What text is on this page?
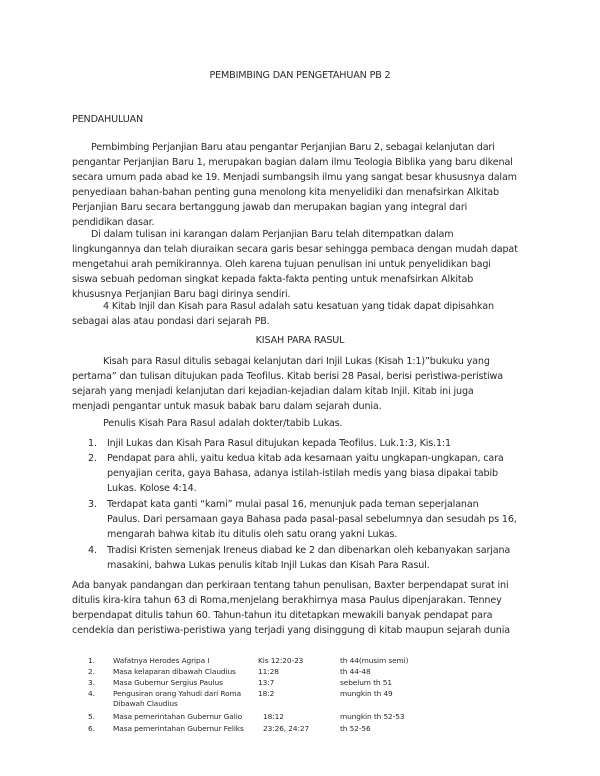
PEMBIMBING DAN PENGETAHUAN PB 2
PENDAHULUAN
Pembimbing Perjanjian Baru atau pengantar Perjanjian Baru 2, sebagai kelanjutan dari
pengantar Perjanjian Baru 1, merupakan bagian dalam ilmu Teologia Biblika yang baru dikenal
secara umum pada abad ke 19. Menjadi sumbangsih ilmu yang sangat besar khususnya dalam
penyediaan bahan-bahan penting guna menolong kita menyelidiki dan menafsirkan Alkitab
Perjanjian Baru secara bertanggung jawab dan merupakan bagian yang integral dari
pendidikan dasar.
Di dalam tulisan ini karangan dalam Perjanjian Baru telah ditempatkan dalam
lingkungannya dan telah diuraikan secara garis besar sehingga pembaca dengan mudah dapat
mengetahui arah pemikirannya. Oleh karena tujuan penulisan ini untuk penyelidikan bagi
siswa sebuah pedoman singkat kepada fakta-fakta penting untuk menafsirkan Alkitab
khususnya Perjanjian Baru bagi dirinya sendiri.
4 Kitab Injil dan Kisah para Rasul adalah satu kesatuan yang tidak dapat dipisahkan
sebagai alas atau pondasi dari sejarah PB.
KISAH PARA RASUL
Kisah para Rasul ditulis sebagai kelanjutan dari Injil Lukas (Kisah 1:1)”bukuku yang
pertama” dan tulisan ditujukan pada Teofilus. Kitab berisi 28 Pasal, berisi peristiwa-peristiwa
sejarah yang menjadi kelanjutan dari kejadian-kejadian dalam kitab Injil. Kitab ini juga
menjadi pengantar untuk masuk babak baru dalam sejarah dunia.
Penulis Kisah Para Rasul adalah dokter/tabib Lukas.
1. Injil Lukas dan Kisah Para Rasul ditujukan kepada Teofilus. Luk.1:3, Kis.1:1
2. Pendapat para ahli, yaitu kedua kitab ada kesamaan yaitu ungkapan-ungkapan, cara
penyajian cerita, gaya Bahasa, adanya istilah-istilah medis yang biasa dipakai tabib
Lukas. Kolose 4:14.
3. Terdapat kata ganti “kami” mulai pasal 16, menunjuk pada teman seperjalanan
Paulus. Dari persamaan gaya Bahasa pada pasal-pasal sebelumnya dan sesudah ps 16,
mengarah bahwa kitab itu ditulis oleh satu orang yakni Lukas.
4. Tradisi Kristen semenjak Ireneus diabad ke 2 dan dibenarkan oleh kebanyakan sarjana
masakini, bahwa Lukas penulis kitab Injil Lukas dan Kisah Para Rasul.
Ada banyak pandangan dan perkiraan tentang tahun penulisan, Baxter berpendapat surat ini
ditulis kira-kira tahun 63 di Roma,menjelang berakhirnya masa Paulus dipenjarakan. Tenney
berpendapat ditulis tahun 60. Tahun-tahun itu ditetapkan mewakili banyak pendapat para
cendekia dan peristiwa-peristiwa yang terjadi yang disinggung di kitab maupun sejarah dunia
1. Wafatnya Herodes Agripa I	Kis 12:20-23	th 44(musim semi)
2. Masa kelaparan dibawah Claudius	11:28	th 44-48
3. Masa Gubernur Sergius Paulus	13:7	sebelum th 51
4. Pengusiran orang Yahudi dari Roma
Dibawah Claudius
18:2	mungkin th 49
5. Masa pemerintahan Gubernur Galio	18:12	mungkin th 52-53
6. Masa pemerintahan Gubernur Feliks	23:26, 24:27	th 52-56
